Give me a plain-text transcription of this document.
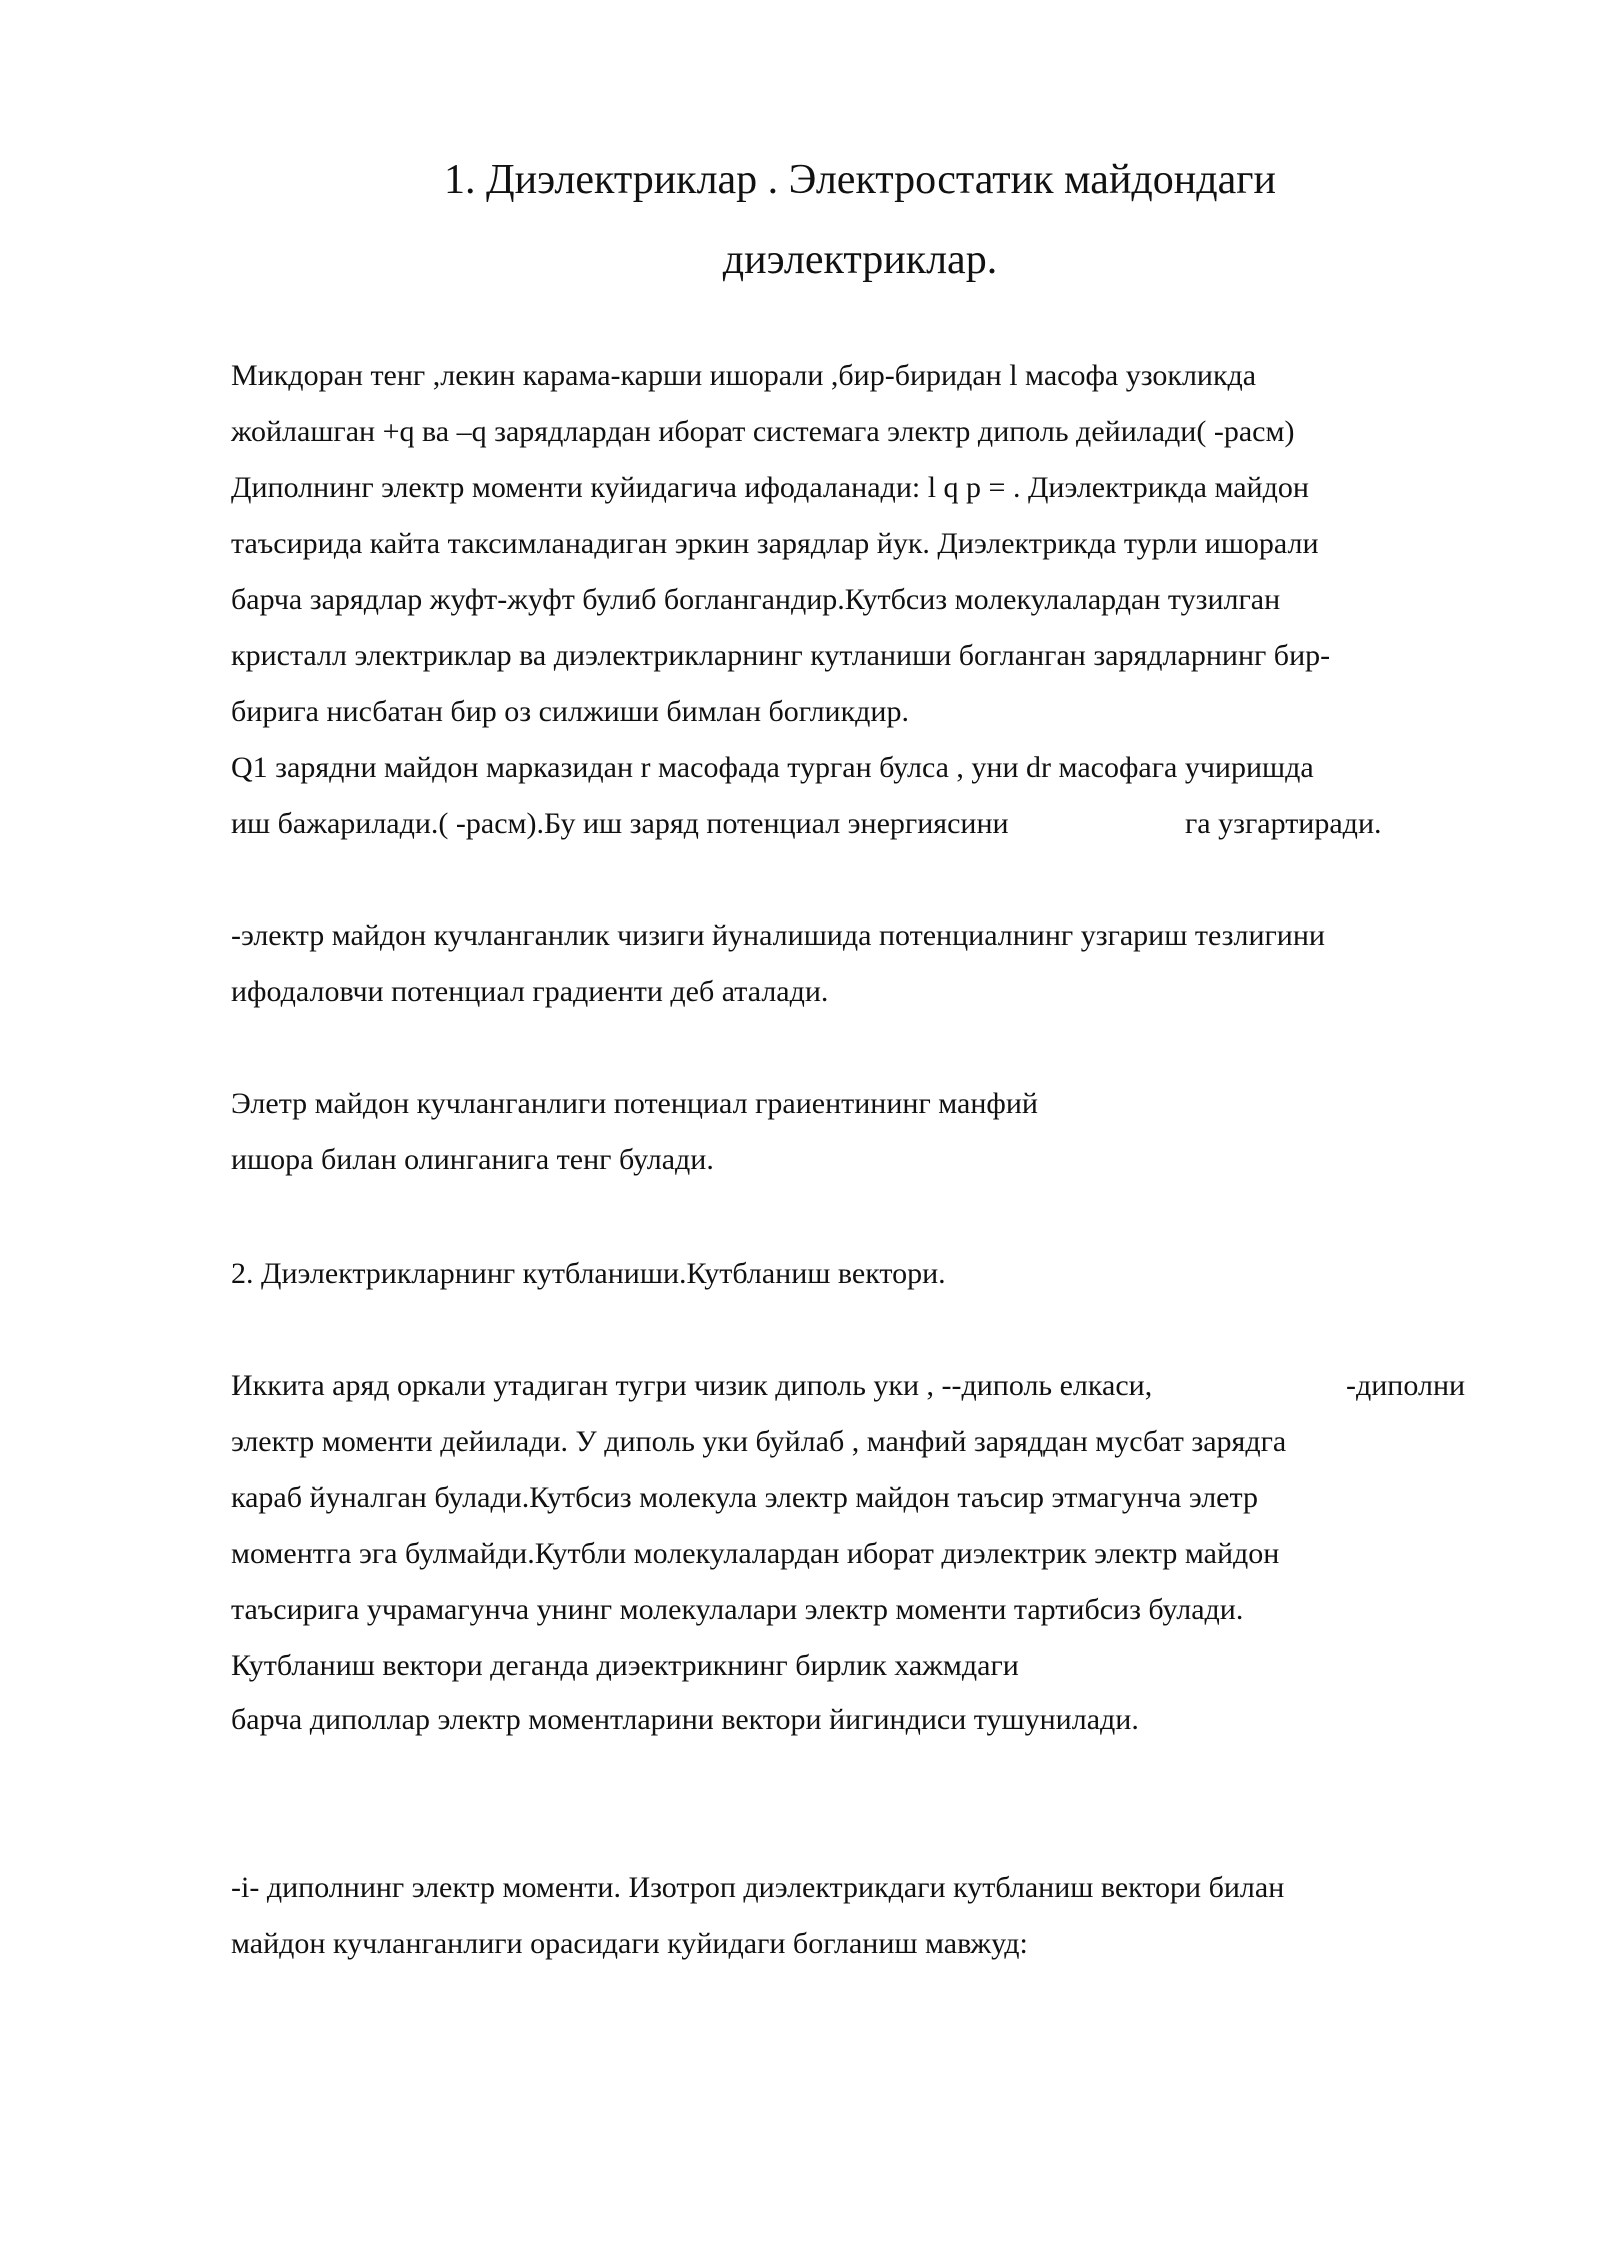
1. Диэлектриклар . Электростатик майдондаги
диэлектриклар.
Микдоран тенг ,лекин карама-карши ишорали ,бир-биридан l масофа узокликда
жойлашган +q ва –q зарядлардан иборат системага электр диполь дейилади( -расм)
Диполнинг электр моменти куйидагича ифодаланади: l q p = . Диэлектрикда майдон
таъсирида кайта таксимланадиган эркин зарядлар йук. Диэлектрикда турли ишорали
барча зарядлар жуфт-жуфт булиб боглангандир.Кутбсиз молекулалардан тузилган
кристалл электриклар ва диэлектрикларнинг кутланиши богланган зарядларнинг бир-
бирига нисбатан бир оз силжиши бимлан богликдир.
Q1 зарядни майдон марказидан r масофада турган булса , уни dr масофага учиришда
иш бажарилади.( -расм).Бу иш заряд потенциал энергиясини	га узгартиради.
-электр майдон кучланганлик чизиги йуналишида потенциалнинг узгариш тезлигини
ифодаловчи потенциал градиенти деб аталади.
Элетр майдон кучланганлиги потенциал граиентининг манфий
ишора билан олинганига тенг булади.
2. Диэлектрикларнинг кутбланиши.Кутбланиш вектори.
Иккита аряд оркали утадиган тугри чизик диполь уки , --диполь елкаси,	-диполни
электр моменти дейилади. У диполь уки буйлаб , манфий заряддан мусбат зарядга
караб йуналган булади.Кутбсиз молекула электр майдон таъсир этмагунча элетр
моментга эга булмайди.Кутбли молекулалардан иборат диэлектрик электр майдон
таъсирига учрамагунча унинг молекулалари электр моменти тартибсиз булади.
Кутбланиш вектори деганда диэектрикнинг бирлик хажмдаги
барча диполлар электр моментларини вектори йигиндиси тушунилади.
-i- диполнинг электр моменти. Изотроп диэлектрикдаги кутбланиш вектори билан
майдон кучланганлиги орасидаги куйидаги богланиш мавжуд:
